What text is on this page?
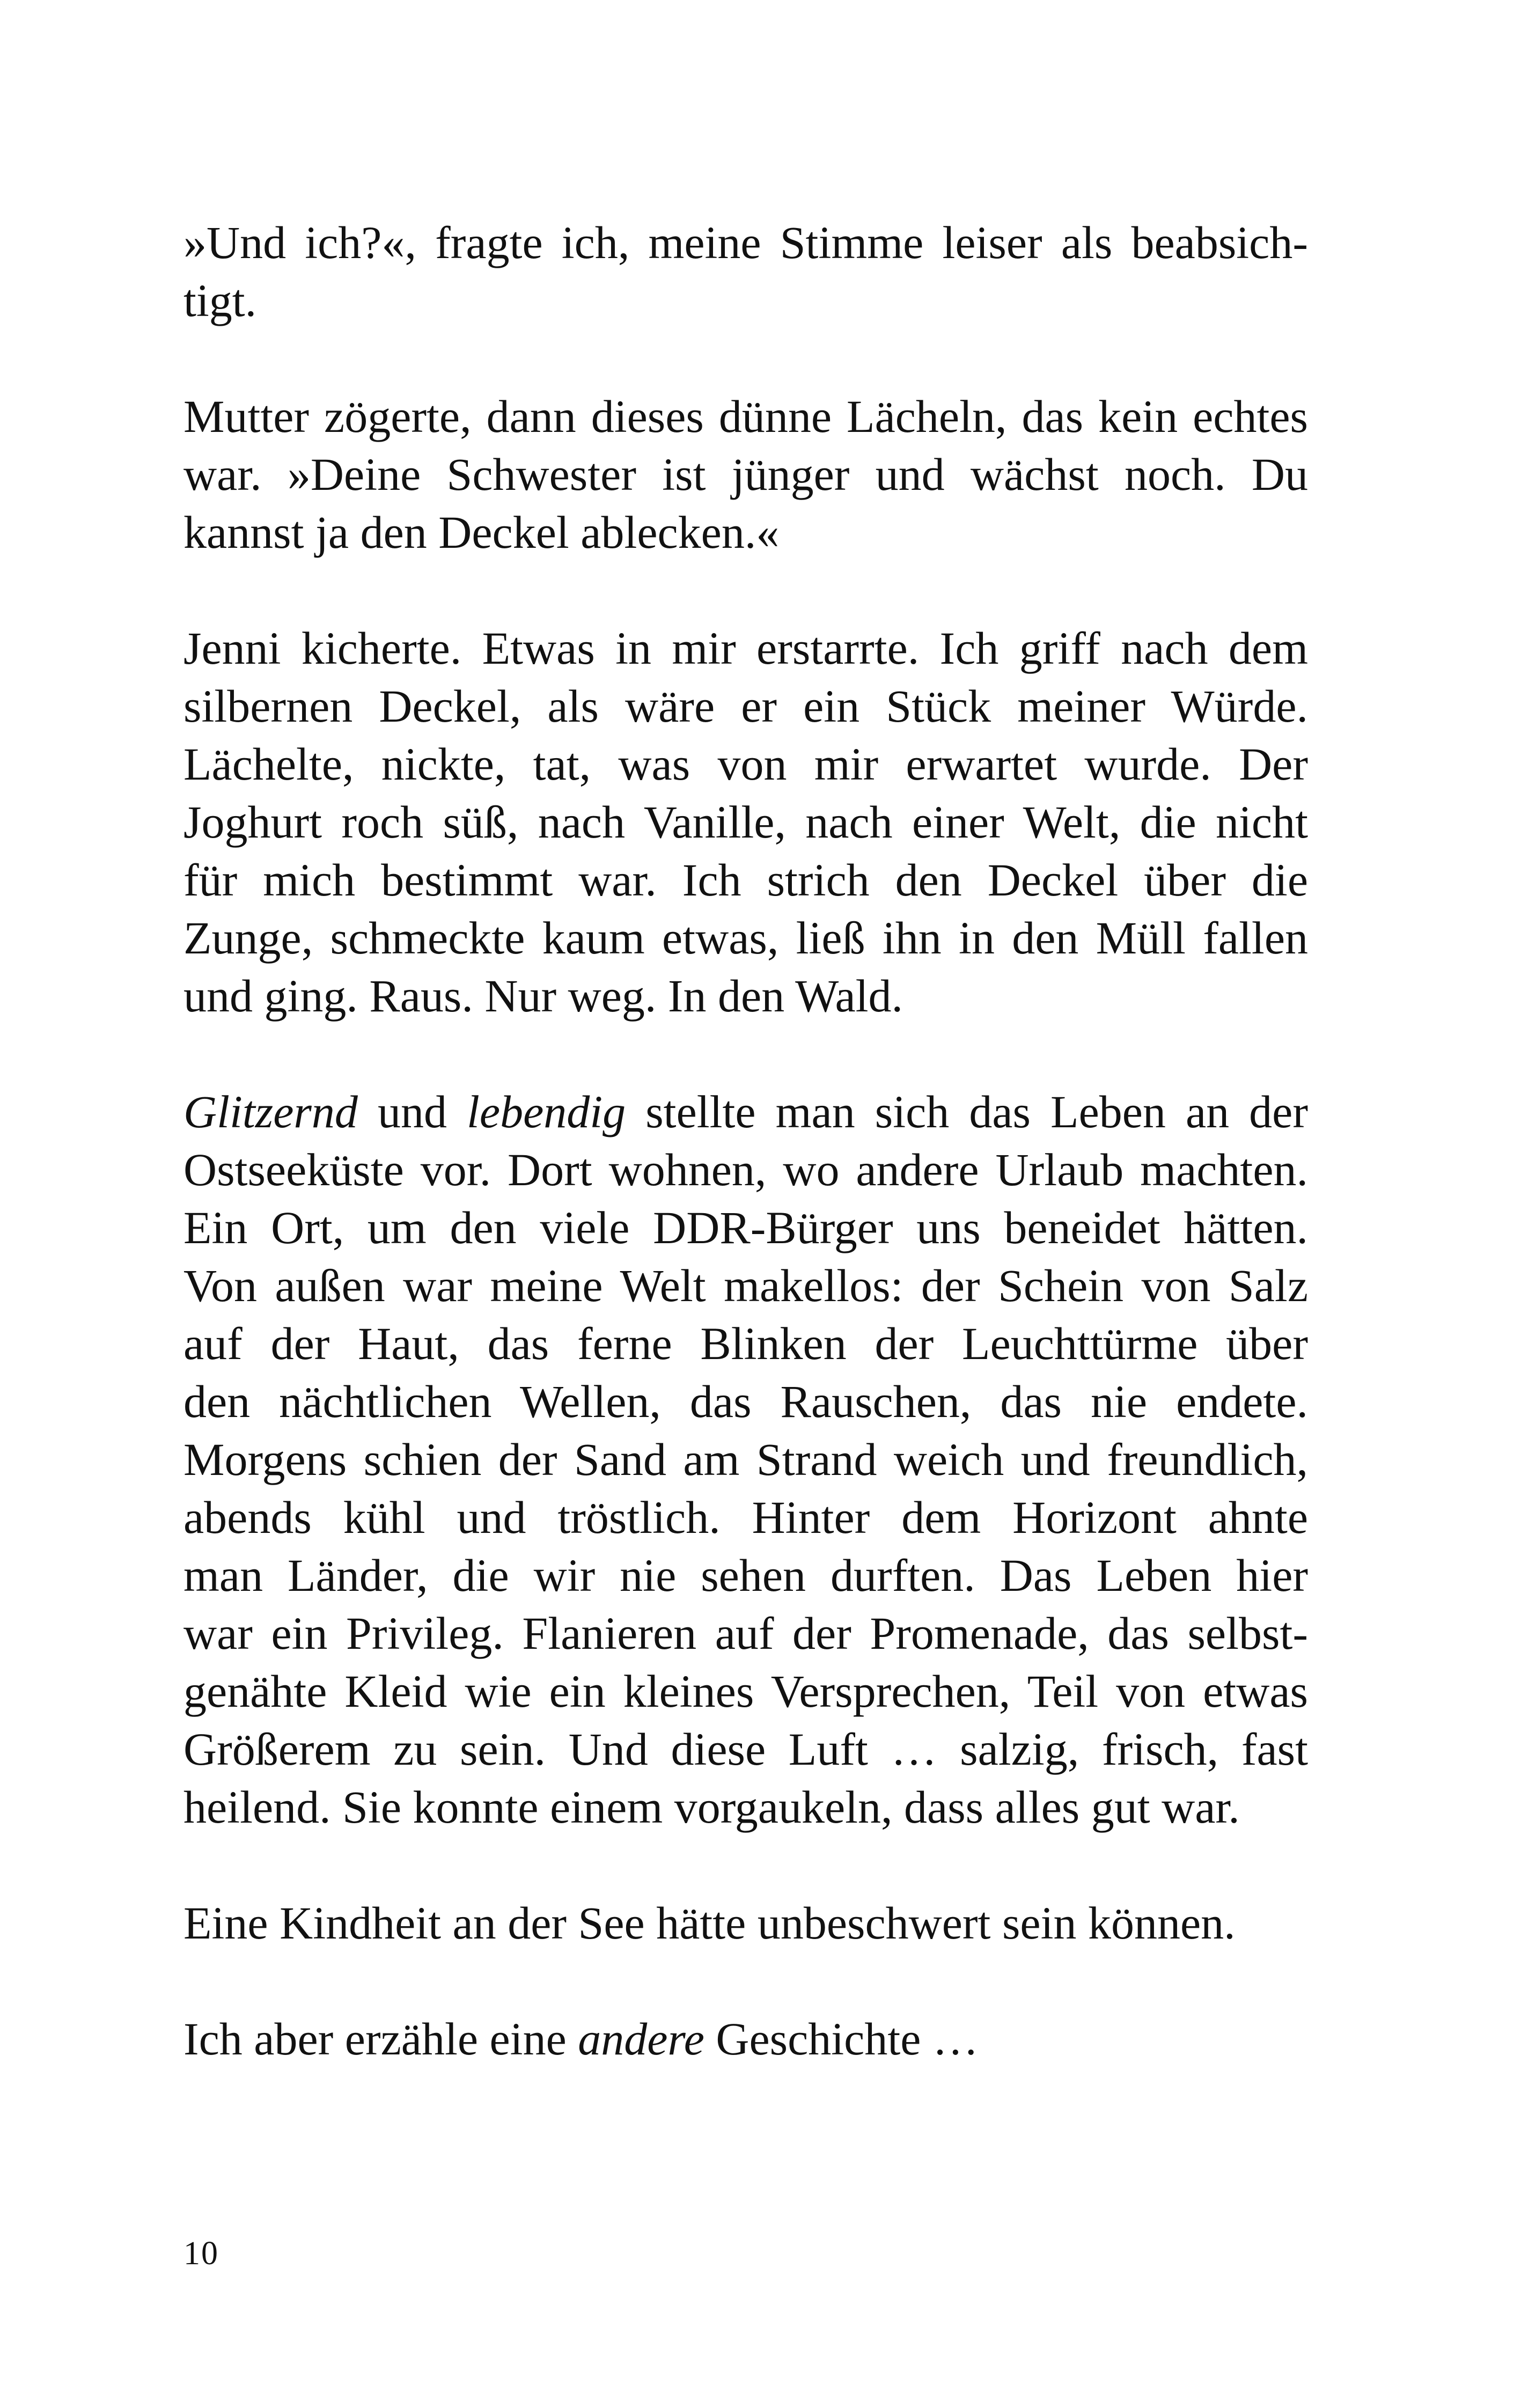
»Und ich?«, fragte ich, meine Stimme leiser als beabsich-
tigt.

Mutter zögerte, dann dieses dünne Lächeln, das kein echtes
war. »Deine Schwester ist jünger und wächst noch. Du
kannst ja den Deckel ablecken.«

Jenni kicherte. Etwas in mir erstarrte. Ich griff nach dem
silbernen Deckel, als wäre er ein Stück meiner Würde.
Lächelte, nickte, tat, was von mir erwartet wurde. Der
Joghurt roch süß, nach Vanille, nach einer Welt, die nicht
für mich bestimmt war. Ich strich den Deckel über die
Zunge, schmeckte kaum etwas, ließ ihn in den Müll fallen
und ging. Raus. Nur weg. In den Wald.

Glitzernd und lebendig stellte man sich das Leben an der
Ostseeküste vor. Dort wohnen, wo andere Urlaub machten.
Ein Ort, um den viele DDR-Bürger uns beneidet hätten.
Von außen war meine Welt makellos: der Schein von Salz
auf der Haut, das ferne Blinken der Leuchttürme über
den nächtlichen Wellen, das Rauschen, das nie endete.
Morgens schien der Sand am Strand weich und freundlich,
abends kühl und tröstlich. Hinter dem Horizont ahnte
man Länder, die wir nie sehen durften. Das Leben hier
war ein Privileg. Flanieren auf der Promenade, das selbst-
genähte Kleid wie ein kleines Versprechen, Teil von etwas
Größerem zu sein. Und diese Luft … salzig, frisch, fast
heilend. Sie konnte einem vorgaukeln, dass alles gut war.

Eine Kindheit an der See hätte unbeschwert sein können.

Ich aber erzähle eine andere Geschichte …

10
